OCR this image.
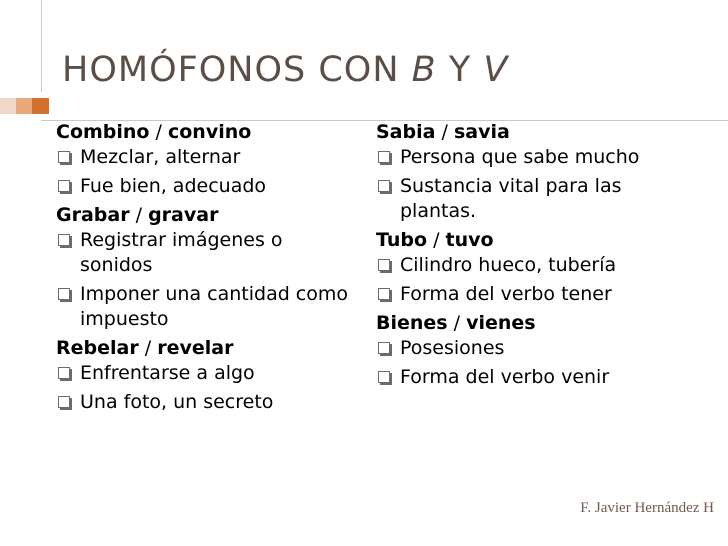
HOMÓFONOS CON B Y V
Combino / convino
Mezclar, alternar
Fue bien, adecuado
Grabar / gravar
Registrar imágenes o sonidos
Imponer una cantidad como impuesto
Rebelar / revelar
Enfrentarse a algo
Una foto, un secreto
Sabia / savia
Persona que sabe mucho
Sustancia vital para las plantas.
Tubo / tuvo
Cilindro hueco, tubería
Forma del verbo tener
Bienes / vienes
Posesiones
Forma del verbo venir
F. Javier Hernández H
